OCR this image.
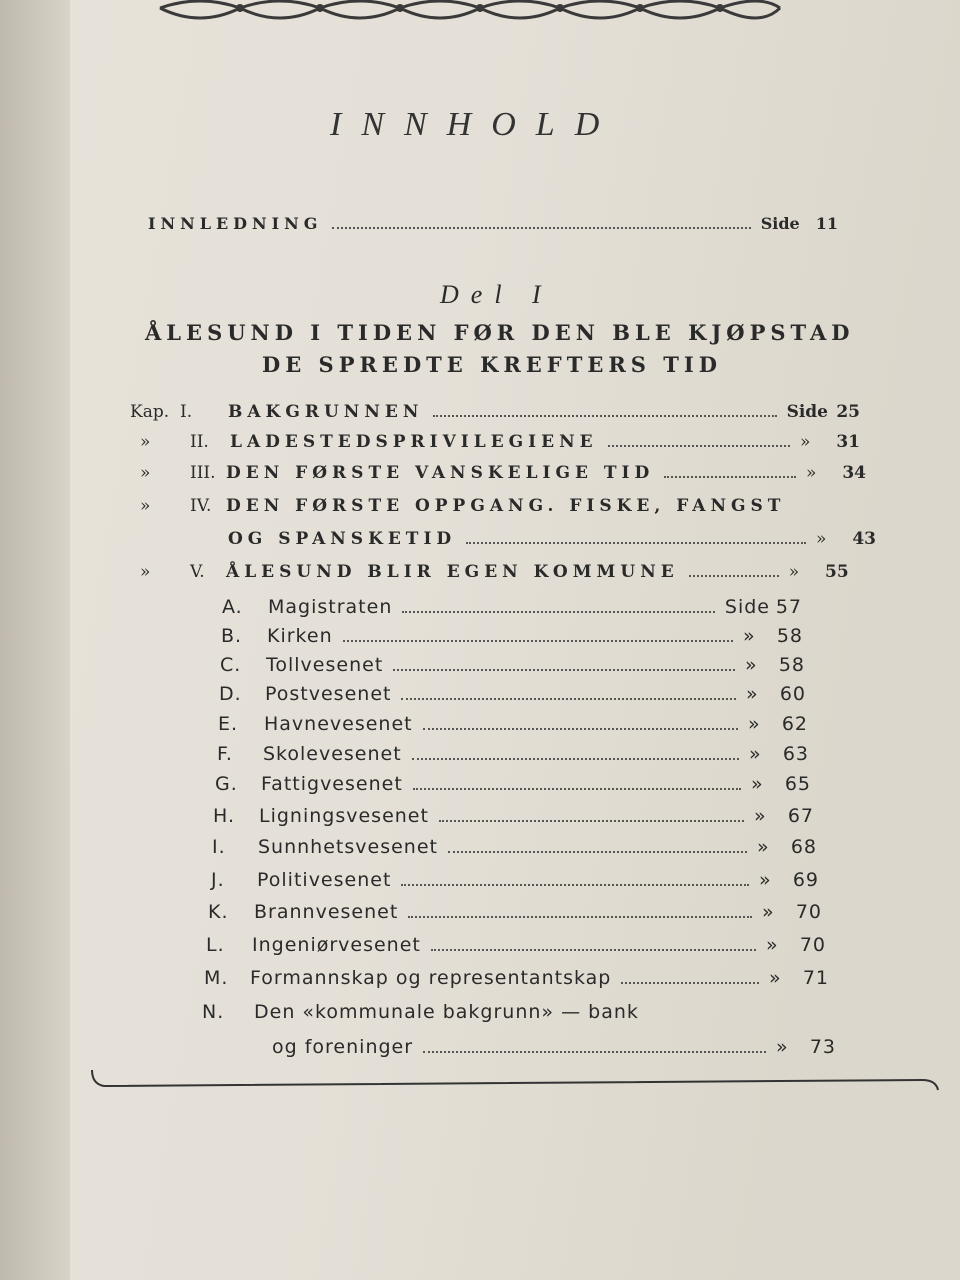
INNHOLD
INNLEDNING	Side 11
Del I
ÅLESUND I TIDEN FØR DEN BLE KJØPSTAD
DE SPREDTE KREFTERS TID
Kap. I.	BAKGRUNNEN	Side 25
»	II.	LADESTEDSPRIVILEGIENE	»	31
»	III. DEN FØRSTE VANSKELIGE TID	»	34
»	IV. DEN FØRSTE OPPGANG. FISKE, FANGST
OG SPANSKETID	»	43
»	V.	ÅLESUND BLIR EGEN KOMMUNE	»	55
A.	Magistraten	Side 57
B.	Kirken	»	58
C.	Tollvesenet	»	58
D.	Postvesenet	»	60
E.	Havnevesenet	»	62
F.	Skolevesenet	»	63
G.	Fattigvesenet	»	65
H.	Ligningsvesenet	»	67
I.	Sunnhetsvesenet	»	68
J.	Politivesenet	»	69
K.	Brannvesenet	»	70
L.	Ingeniørvesenet	»	70
M.	Formannskap og representantskap	»	71
N.	Den «kommunale bakgrunn» — bank
og foreninger	»	73
